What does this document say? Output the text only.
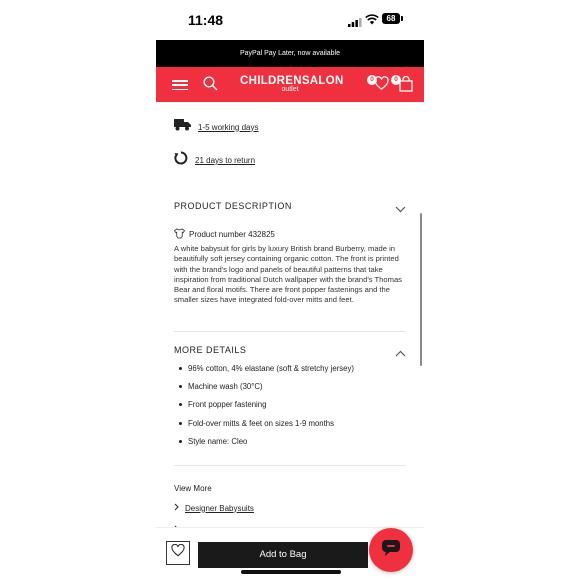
11:48	68
PayPal Pay Later, now available
CHILDRENSALON
outlet
0	0
1-5 working days
21 days to return
PRODUCT DESCRIPTION
Product number 432825
A white babysuit for girls by luxury British brand Burberry, made in beautifully soft jersey containing organic cotton. The front is printed with the brand's logo and panels of beautiful patterns that take inspiration from traditional Dutch wallpaper with the brand's Thomas Bear and floral motifs. There are front popper fastenings and the smaller sizes have integrated fold-over mitts and feet.
MORE DETAILS
96% cotton, 4% elastane (soft & stretchy jersey)
Machine wash (30°C)
Front popper fastening
Fold-over mitts & feet on sizes 1-9 months
Style name: Cleo
View More
Designer Babysuits
Add to Bag
